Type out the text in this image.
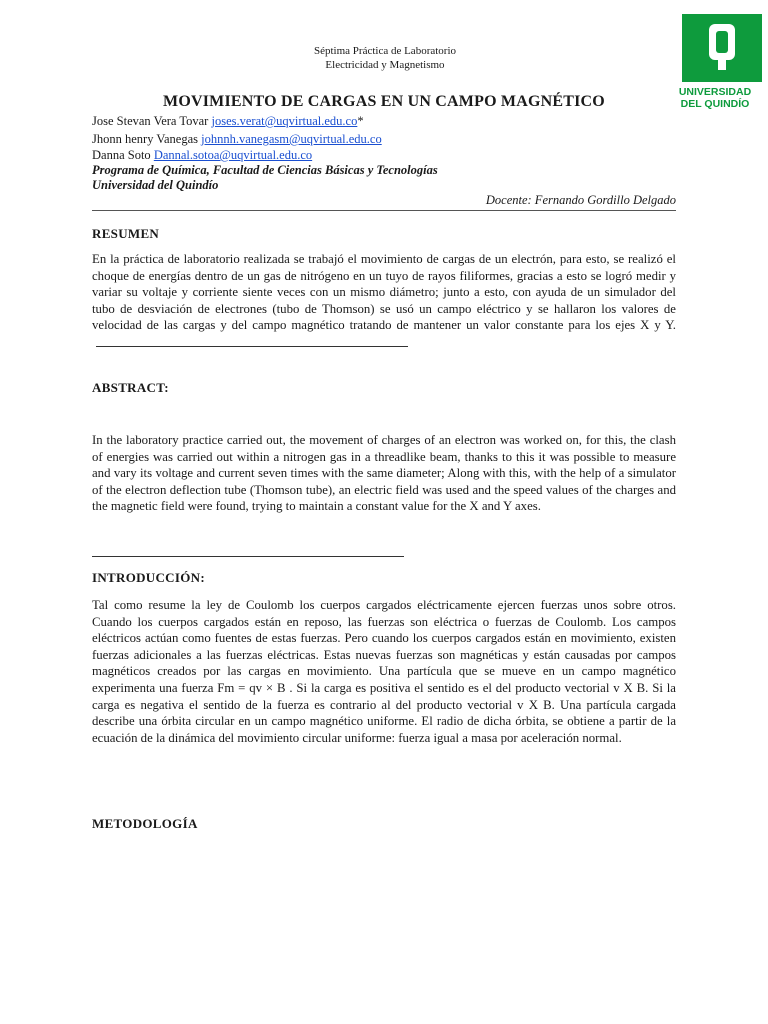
Séptima Práctica de Laboratorio
Electricidad y Magnetismo
UNIVERSIDAD
DEL QUINDÍO
MOVIMIENTO DE CARGAS EN UN CAMPO MAGNÉTICO
Jose Stevan Vera Tovar joses.verat@uqvirtual.edu.co*
Jhonn henry Vanegas johnnh.vanegasm@uqvirtual.edu.co
Danna Soto Dannal.sotoa@uqvirtual.edu.co
Programa de Química, Facultad de Ciencias Básicas y Tecnologías
Universidad del Quindío
Docente: Fernando Gordillo Delgado
RESUMEN
En la práctica de laboratorio realizada se trabajó el movimiento de cargas de un electrón, para esto, se realizó el choque de energías dentro de un gas de nitrógeno en un tuyo de rayos filiformes, gracias a esto se logró medir y variar su voltaje y corriente siente veces con un mismo diámetro; junto a esto, con ayuda de un simulador del tubo de desviación de electrones (tubo de Thomson) se usó un campo eléctrico y se hallaron los valores de velocidad de las cargas y del campo magnético tratando de mantener un valor constante para los ejes X y Y.
ABSTRACT:
In the laboratory practice carried out, the movement of charges of an electron was worked on, for this, the clash of energies was carried out within a nitrogen gas in a threadlike beam, thanks to this it was possible to measure and vary its voltage and current seven times with the same diameter; Along with this, with the help of a simulator of the electron deflection tube (Thomson tube), an electric field was used and the speed values of the charges and the magnetic field were found, trying to maintain a constant value for the X and Y axes.
INTRODUCCIÓN:
Tal como resume la ley de Coulomb los cuerpos cargados eléctricamente ejercen fuerzas unos sobre otros. Cuando los cuerpos cargados están en reposo, las fuerzas son eléctrica o fuerzas de Coulomb. Los campos eléctricos actúan como fuentes de estas fuerzas. Pero cuando los cuerpos cargados están en movimiento, existen fuerzas adicionales a las fuerzas eléctricas. Estas nuevas fuerzas son magnéticas y están causadas por campos magnéticos creados por las cargas en movimiento. Una partícula que se mueve en un campo magnético experimenta una fuerza Fm = qv × B . Si la carga es positiva el sentido es el del producto vectorial v X B. Si la carga es negativa el sentido de la fuerza es contrario al del producto vectorial v X B. Una partícula cargada describe una órbita circular en un campo magnético uniforme. El radio de dicha órbita, se obtiene a partir de la ecuación de la dinámica del movimiento circular uniforme: fuerza igual a masa por aceleración normal.
METODOLOGÍA
